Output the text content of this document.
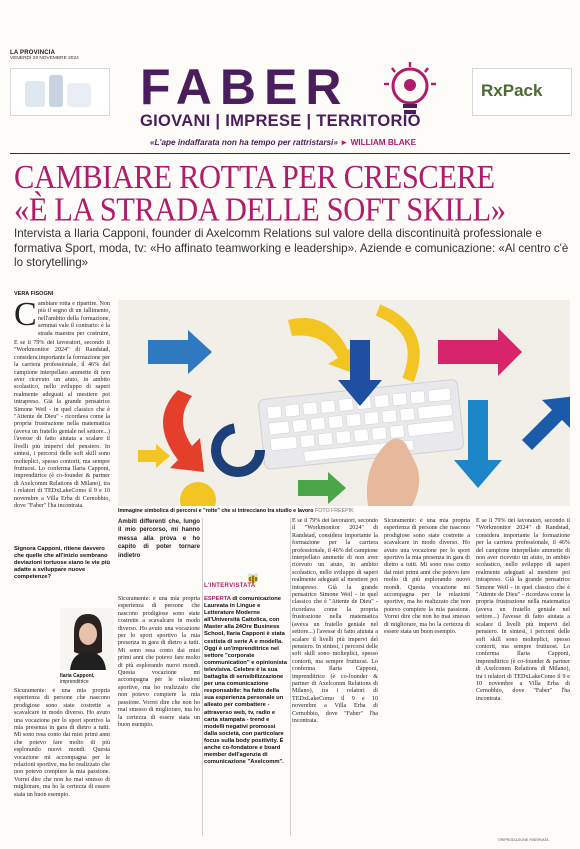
LA PROVINCIA
VENERDÌ 29 NOVEMBRE 2024
RxPack
FABER
GIOVANI | IMPRESE | TERRITORIO
«L'ape indaffarata non ha tempo per rattristarsi» ► WILLIAM BLAKE
CAMBIARE ROTTA PER CRESCERE
«È LA STRADA DELLE SOFT SKILL»
Intervista a Ilaria Capponi, founder di Axelcomm Relations sul valore della discontinuità professionale e formativa Sport, moda, tv: «Ho affinato teamworking e leadership». Aziende e comunicazione: «Al centro c'è lo storytelling»
VERA FISOGNI
C ambiare rotta e ripartire. Non più il segno di un fallimento, nell'ambito della formazione, semmai vale il contrario: è la strada maestra per costruire,
E se il 79% dei lavoratori, secondo il "Workmonitor 2024" di Randstad, considera importante la formazione per la carriera professionale, il 46% del campione interpellato ammette di non aver ricevuto un aiuto, in ambito scolastico, nello sviluppo di saperi realmente adeguati al mestiere poi intrapreso. Già la grande pensatrice Simone Weil - in quel classico che è "Attente de Dieu" - ricordava come la propria frustrazione nella matematica (aveva un fratello geniale nel settore...) l'avesse di fatto aiutata a scalare il livelli più impervi del pensiero. In sintesi, i percorsi delle soft skill sono molteplici, spesso contorti, ma sempre fruttuosi. Lo conferma Ilaria Capponi, imprenditrice (è co-founder & partner di Axelcomm Relations di Milano), tra i relatori di TEDxLakeComo il 9 e 10 novembre a Villa Erba di Cernobbio, dove "Faber" l'ha incontrata.
Signora Capponi, ritiene davvero che quelle che all'inizio sembrano deviazioni tortuose siano le vie più adatte a sviluppare nuove competenze?
Ilaria Capponi,
imprenditrice
Sicuramente: è una mia propria esperienza di persone che nascono prodigiose sono state costrette a scavalcare in modo diverso. Ho avuto una vocazione per lo sport sportivo la mia presenza in gara di dietro a tutti. Mi sono resa conto dai miei primi anni che potevo fare molto di più esplorando nuovi mondi. Questa vocazione mi accompagna per le relazioni sportive, ma ho realizzato che non potevo compiere la mia passione. Vorrei dire che non ho mai smesso di migliorare, ma ho la certezza di essere stata un buon esempio.
Immagine simbolica di percorsi e "rotte" che si intrecciano tra studio e lavoro FOTO FREEPIK
Ambiti differenti che, lungo il mio percorso, mi hanno messa alla prova e ho capito di poter tornare indietro
Sicuramente: è una mia propria esperienza di persone che nascono prodigiose sono state costrette a scavalcare in modo diverso. Ho avuto una vocazione per lo sport sportivo la mia presenza in gara di dietro a tutti. Mi sono resa conto dai miei primi anni che potevo fare molto di più esplorando nuovi mondi. Questa vocazione mi accompagna per le relazioni sportive, ma ho realizzato che non potevo compiere la mia passione. Vorrei dire che non ho mai smesso di migliorare, ma ho la certezza di essere stata un buon esempio.
L'INTERVISTATA
ESPERTA di comunicazione Laureata in Lingue e Letterature Moderne all'Università Cattolica, con Master alla 24Ore Business School, Ilaria Capponi è stata cestista di serie A e modella. Oggi è un'imprenditrice nel settore "corporate communication" e opinionista televisiva. Celebre è la sua battaglia di sensibilizzazione per una comunicazione responsabile: ha fatto della sua esperienza personale un alleato per combattere - attraverso web, tv, radio e carta stampata - trend e modelli negativi promossi dalla società, con particolare focus sulla body positivity. È anche co-fondatore e board member dell'agenzia di comunicazione "Axelcomm".
E se il 79% dei lavoratori, secondo il "Workmonitor 2024" di Randstad, considera importante la formazione per la carriera professionale, il 46% del campione interpellato ammette di non aver ricevuto un aiuto, in ambito scolastico, nello sviluppo di saperi realmente adeguati al mestiere poi intrapreso. Già la grande pensatrice Simone Weil - in quel classico che è "Attente de Dieu" - ricordava come la propria frustrazione nella matematica (aveva un fratello geniale nel settore...) l'avesse di fatto aiutata a scalare il livelli più impervi del pensiero. In sintesi, i percorsi delle soft skill sono molteplici, spesso contorti, ma sempre fruttuosi. Lo conferma Ilaria Capponi, imprenditrice (è co-founder & partner di Axelcomm Relations di Milano), tra i relatori di TEDxLakeComo il 9 e 10 novembre a Villa Erba di Cernobbio, dove "Faber" l'ha incontrata.
Sicuramente: è una mia propria esperienza di persone che nascono prodigiose sono state costrette a scavalcare in modo diverso. Ho avuto una vocazione per lo sport sportivo la mia presenza in gara di dietro a tutti. Mi sono resa conto dai miei primi anni che potevo fare molto di più esplorando nuovi mondi. Questa vocazione mi accompagna per le relazioni sportive, ma ho realizzato che non potevo compiere la mia passione. Vorrei dire che non ho mai smesso di migliorare, ma ho la certezza di essere stata un buon esempio.
E se il 79% dei lavoratori, secondo il "Workmonitor 2024" di Randstad, considera importante la formazione per la carriera professionale, il 46% del campione interpellato ammette di non aver ricevuto un aiuto, in ambito scolastico, nello sviluppo di saperi realmente adeguati al mestiere poi intrapreso. Già la grande pensatrice Simone Weil - in quel classico che è "Attente de Dieu" - ricordava come la propria frustrazione nella matematica (aveva un fratello geniale nel settore...) l'avesse di fatto aiutata a scalare il livelli più impervi del pensiero. In sintesi, i percorsi delle soft skill sono molteplici, spesso contorti, ma sempre fruttuosi. Lo conferma Ilaria Capponi, imprenditrice (è co-founder & partner di Axelcomm Relations di Milano), tra i relatori di TEDxLakeComo il 9 e 10 novembre a Villa Erba di Cernobbio, dove "Faber" l'ha incontrata.
©RIPRODUZIONE RISERVATA
